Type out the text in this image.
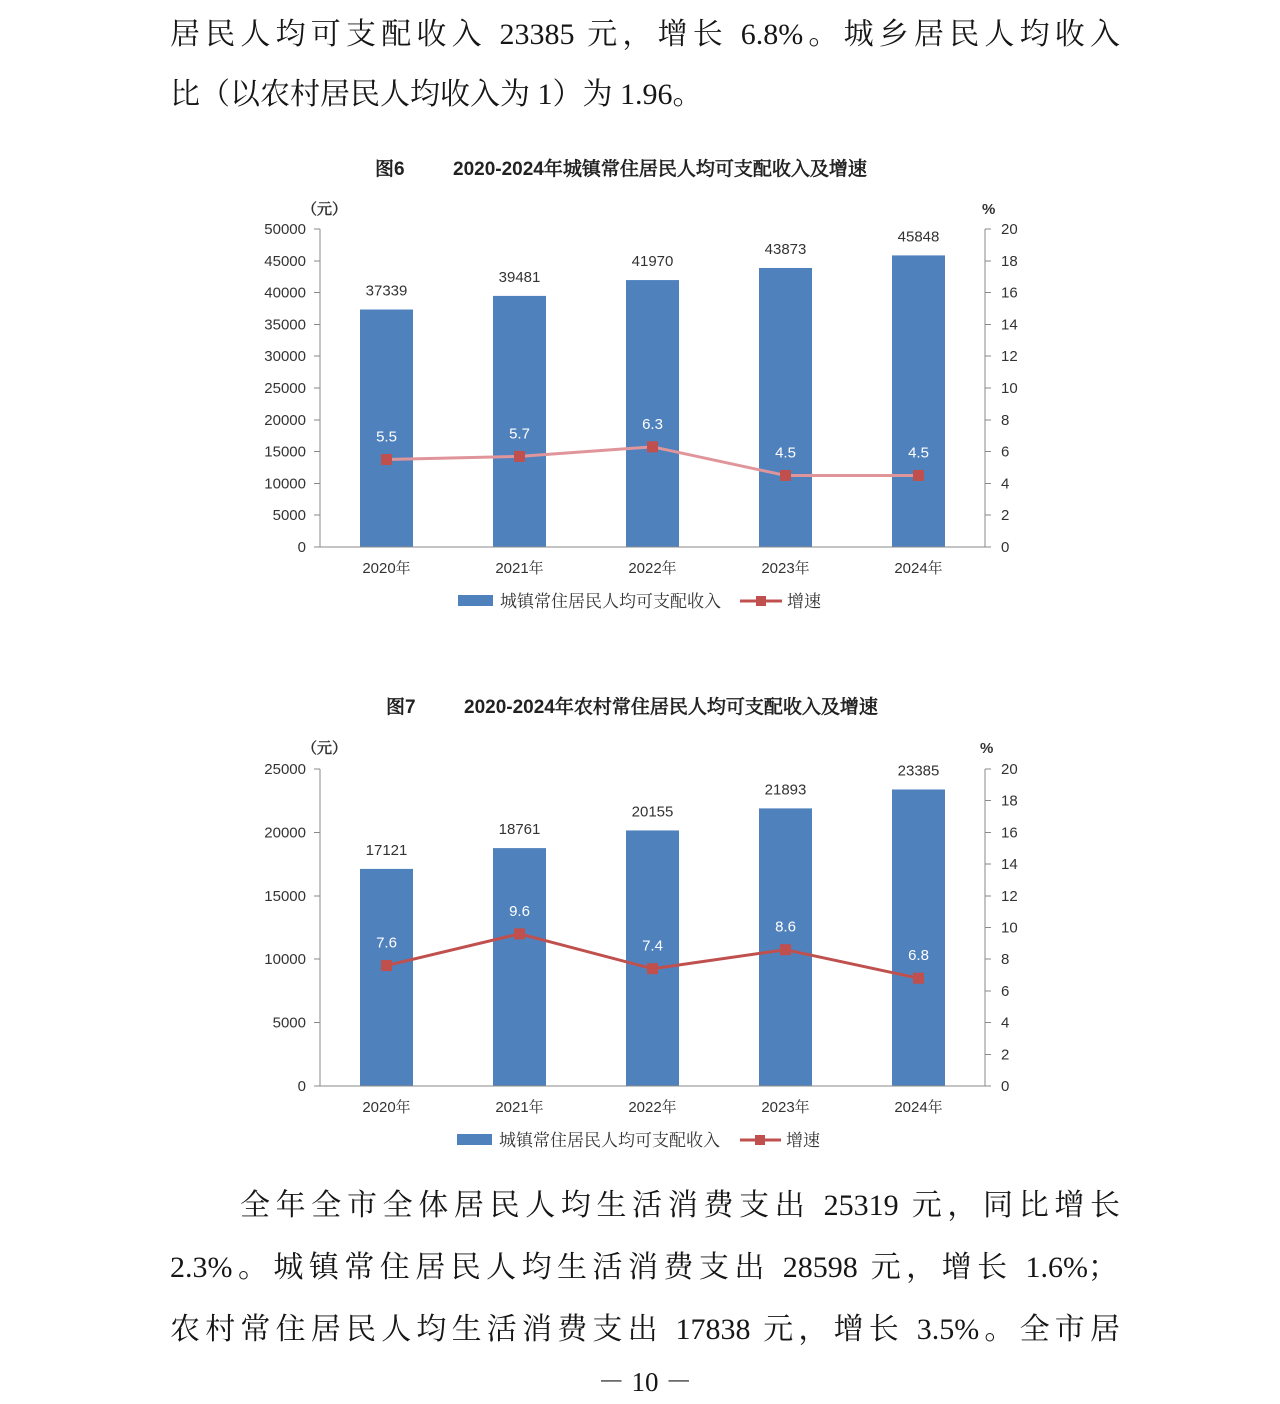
居民人均可支配收入 23385 元，增长 6.8%。城乡居民人均收入
比（以农村居民人均收入为 1）为 1.96。
图6	2020-2024年城镇常住居民人均可支配收入及增速
（元）	%
0
5000
10000
15000
20000
25000
30000
35000
40000
45000
50000
0
2
4
6
8
10
12
14
16
18
20
2020年	2021年	2022年	2023年	2024年
37339
39481
41970
43873
45848
5.5	5.7
6.3
4.5	4.5
城镇常住居民人均可支配收入	增速
图7	2020-2024年农村常住居民人均可支配收入及增速
（元）	%
0
5000
10000
15000
20000
25000
0
2
4
6
8
10
12
14
16
18
20
2020年	2021年	2022年	2023年	2024年
17121
18761
20155
21893
23385
7.6
9.6
7.4
8.6
6.8
城镇常住居民人均可支配收入	增速
全年全市全体居民人均生活消费支出 25319 元，同比增长
2.3%。城镇常住居民人均生活消费支出 28598 元，增长 1.6%；
农村常住居民人均生活消费支出 17838 元，增长 3.5%。全市居
－ 10 －
